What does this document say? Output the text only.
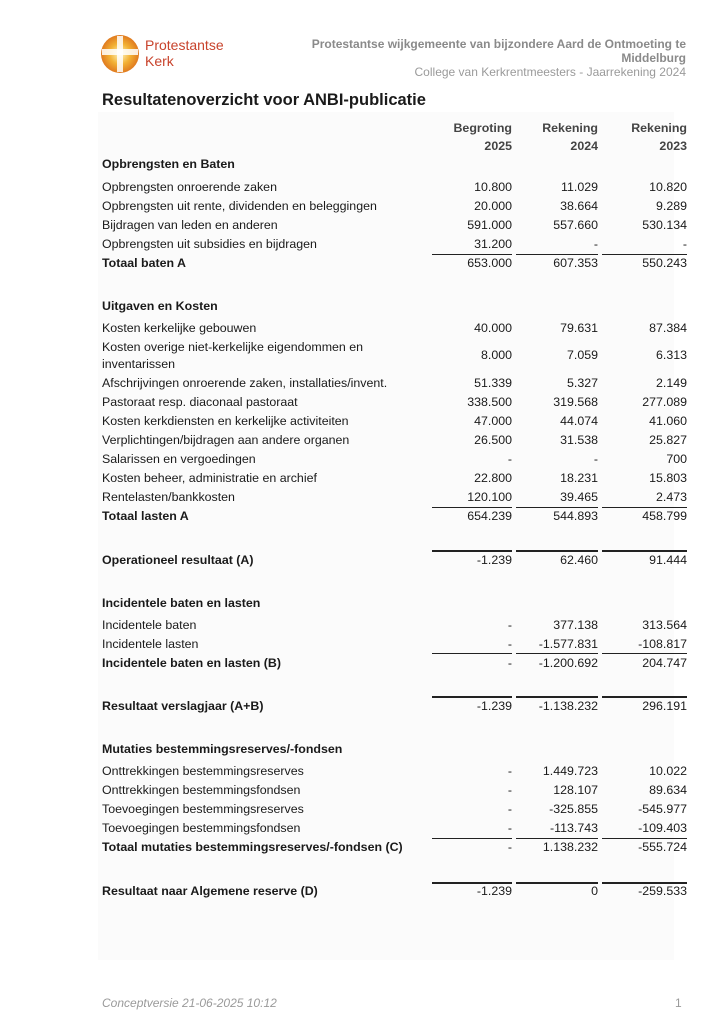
Protestantse
Kerk
Protestantse wijkgemeente van bijzondere Aard de Ontmoeting te
Middelburg
College van Kerkrentmeesters - Jaarrekening 2024
Resultatenoverzicht voor ANBI-publicatie
Begroting
2025
Rekening
2024
Rekening
2023
Opbrengsten en Baten
Opbrengsten onroerende zaken	10.800	11.029	10.820
Opbrengsten uit rente, dividenden en beleggingen	20.000	38.664	9.289
Bijdragen van leden en anderen	591.000	557.660	530.134
Opbrengsten uit subsidies en bijdragen	31.200	-	-
Totaal baten A	653.000	607.353	550.243
Uitgaven en Kosten
Kosten kerkelijke gebouwen	40.000	79.631	87.384
Kosten overige niet-kerkelijke eigendommen en inventarissen
8.000	7.059	6.313
Afschrijvingen onroerende zaken, installaties/invent.	51.339	5.327	2.149
Pastoraat resp. diaconaal pastoraat	338.500	319.568	277.089
Kosten kerkdiensten en kerkelijke activiteiten	47.000	44.074	41.060
Verplichtingen/bijdragen aan andere organen	26.500	31.538	25.827
Salarissen en vergoedingen	-	-	700
Kosten beheer, administratie en archief	22.800	18.231	15.803
Rentelasten/bankkosten	120.100	39.465	2.473
Totaal lasten A	654.239	544.893	458.799
Operationeel resultaat (A)	-1.239	62.460	91.444
Incidentele baten en lasten
Incidentele baten	-	377.138	313.564
Incidentele lasten	-	-1.577.831	-108.817
Incidentele baten en lasten (B)	-	-1.200.692	204.747
Resultaat verslagjaar (A+B)	-1.239	-1.138.232	296.191
Mutaties bestemmingsreserves/-fondsen
Onttrekkingen bestemmingsreserves	-	1.449.723	10.022
Onttrekkingen bestemmingsfondsen	-	128.107	89.634
Toevoegingen bestemmingsreserves	-	-325.855	-545.977
Toevoegingen bestemmingsfondsen	-	-113.743	-109.403
Totaal mutaties bestemmingsreserves/-fondsen (C)	-	1.138.232	-555.724
Resultaat naar Algemene reserve (D)	-1.239	0	-259.533
Conceptversie 21-06-2025 10:12	1
